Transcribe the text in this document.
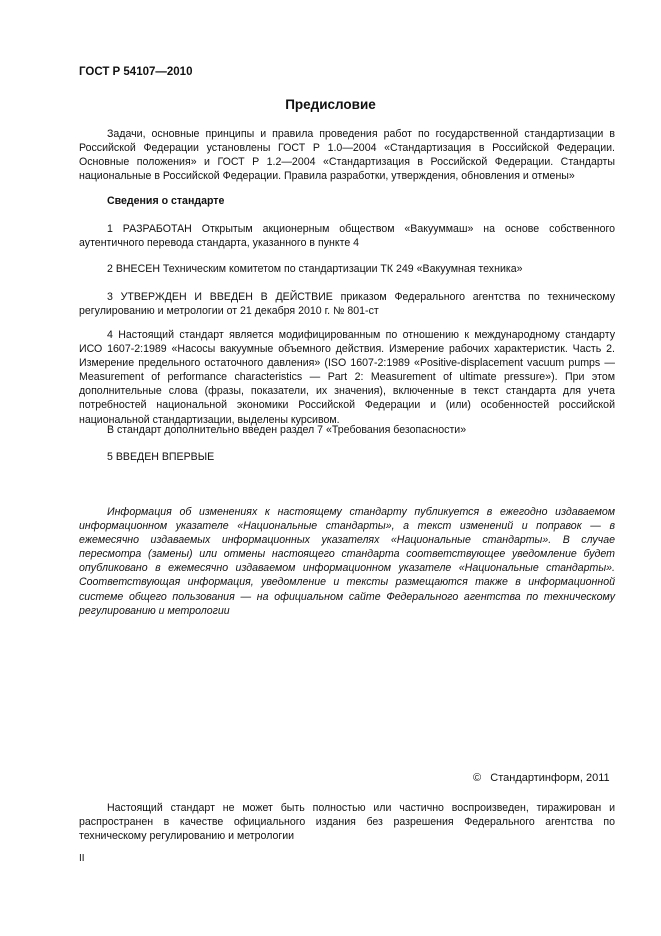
ГОСТ Р 54107—2010
Предисловие

Задачи, основные принципы и правила проведения работ по государственной стандартизации в Российской Федерации установлены ГОСТ Р 1.0—2004 «Стандартизация в Российской Федерации. Основные положения» и ГОСТ Р 1.2—2004 «Стандартизация в Российской Федерации. Стандарты национальные в Российской Федерации. Правила разработки, утверждения, обновления и отмены»

Сведения о стандарте

1 РАЗРАБОТАН Открытым акционерным обществом «Вакууммаш» на основе собственного аутентичного перевода стандарта, указанного в пункте 4

2 ВНЕСЕН Техническим комитетом по стандартизации ТК 249 «Вакуумная техника»

3 УТВЕРЖДЕН И ВВЕДЕН В ДЕЙСТВИЕ приказом Федерального агентства по техническому регулированию и метрологии от 21 декабря 2010 г. № 801-ст

4 Настоящий стандарт является модифицированным по отношению к международному стандарту ИСО 1607-2:1989 «Насосы вакуумные объемного действия. Измерение рабочих характеристик. Часть 2. Измерение предельного остаточного давления» (ISO 1607-2:1989 «Positive-displacement vacuum pumps — Measurement of performance characteristics — Part 2: Measurement of ultimate pressure»). При этом дополнительные слова (фразы, показатели, их значения), включенные в текст стандарта для учета потребностей национальной экономики Российской Федерации и (или) особенностей российской национальной стандартизации, выделены курсивом.

В стандарт дополнительно введен раздел 7 «Требования безопасности»

5 ВВЕДЕН ВПЕРВЫЕ

Информация об изменениях к настоящему стандарту публикуется в ежегодно издаваемом информационном указателе «Национальные стандарты», а текст изменений и поправок — в ежемесячно издаваемых информационных указателях «Национальные стандарты». В случае пересмотра (замены) или отмены настоящего стандарта соответствующее уведомление будет опубликовано в ежемесячно издаваемом информационном указателе «Национальные стандарты». Соответствующая информация, уведомление и тексты размещаются также в информационной системе общего пользования — на официальном сайте Федерального агентства по техническому регулированию и метрологии

©   Стандартинформ, 2011

Настоящий стандарт не может быть полностью или частично воспроизведен, тиражирован и распространен в качестве официального издания без разрешения Федерального агентства по техническому регулированию и метрологии

II
